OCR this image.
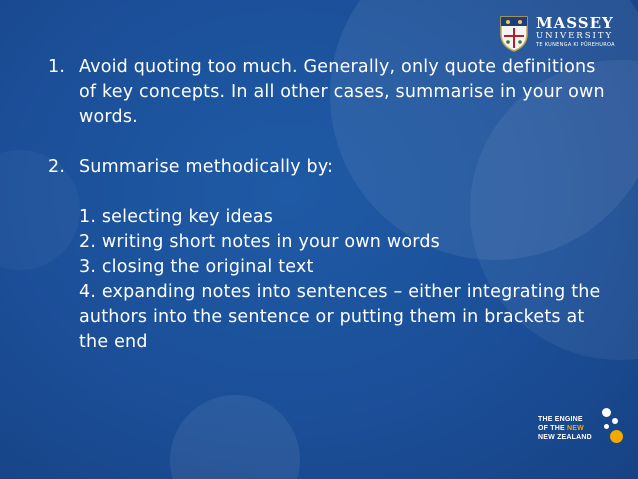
MASSEY
UNIVERSITY
TE KUNENGA KI PŪREHUROA
1. Avoid quoting too much. Generally, only quote definitions of key concepts. In all other cases, summarise in your own words.
2. Summarise methodically by:
1. selecting key ideas
2. writing short notes in your own words
3. closing the original text
4. expanding notes into sentences – either integrating the authors into the sentence or putting them in brackets at the end
THE ENGINE
OF THE NEW
NEW ZEALAND
